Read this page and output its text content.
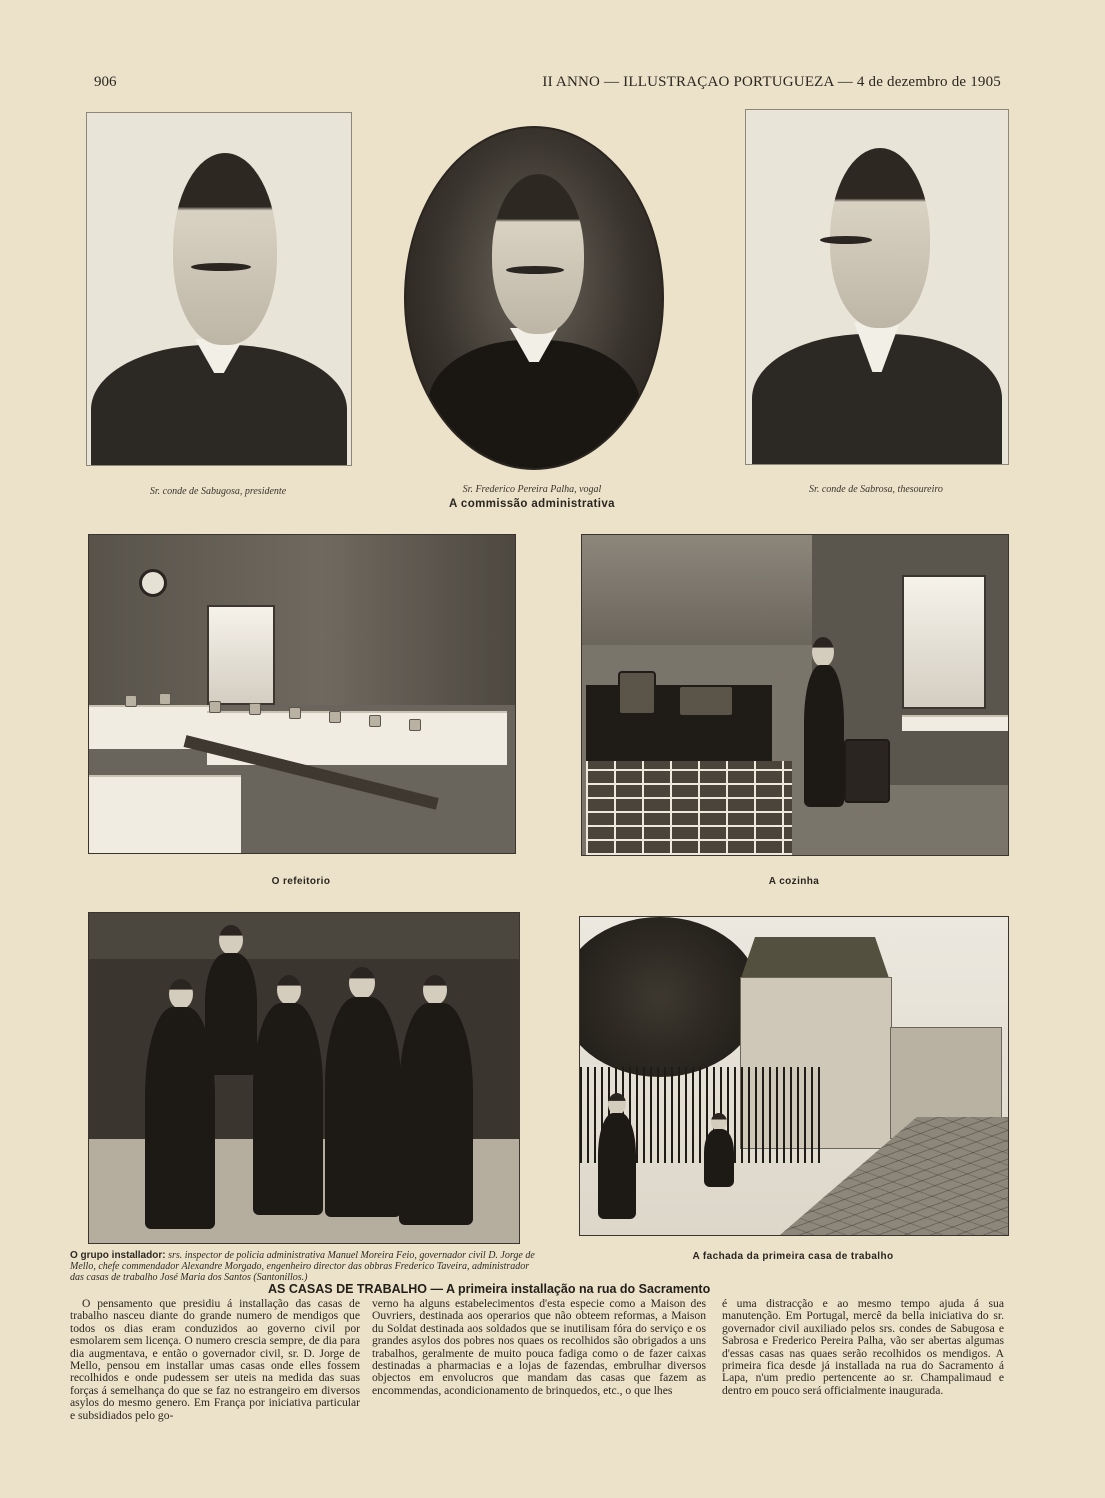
906	II ANNO — ILLUSTRAÇAO PORTUGUEZA — 4 de dezembro de 1905
Sr. conde de Sabugosa, presidente	Sr. Frederico Pereira Palha, vogal
A commissão administrativa
Sr. conde de Sabrosa, thesoureiro
O refeitorio	A cozinha
A fachada da primeira casa de trabalho
O grupo installador: srs. inspector de policia administrativa Manuel Moreira Feio, governador civil D. Jorge de Mello, chefe commendador Alexandre Morgado, engenheiro director das obbras Frederico Taveira, administrador das casas de trabalho José Maria dos Santos (Santonillos.)
AS CASAS DE TRABALHO — A primeira installação na rua do Sacramento

O pensamento que presidiu á installação das casas de trabalho nasceu diante do grande numero de mendigos que todos os dias eram conduzidos ao governo civil por esmolarem sem licença. O numero crescia sempre, de dia para dia augmentava, e então o governador civil, sr. D. Jorge de Mello, pensou em installar umas casas onde elles fossem recolhidos e onde pudessem ser uteis na medida das suas forças á semelhança do que se faz no estrangeiro em diversos asylos do mesmo genero. Em França por iniciativa particular e subsidiados pelo go-

verno ha alguns estabelecimentos d'esta especie como a Maison des Ouvriers, destinada aos operarios que não obteem reformas, a Maison du Soldat destinada aos soldados que se inutilisam fóra do serviço e os grandes asylos dos pobres nos quaes os recolhidos são obrigados a uns trabalhos, geralmente de muito pouca fadiga como o de fazer caixas destinadas a pharmacias e a lojas de fazendas, embrulhar diversos objectos em envolucros que mandam das casas que fazem as encommendas, acondicionamento de brinquedos, etc., o que lhes

é uma distracção e ao mesmo tempo ajuda á sua manutenção. Em Portugal, mercê da bella iniciativa do sr. governador civil auxiliado pelos srs. condes de Sabugosa e Sabrosa e Frederico Pereira Palha, vão ser abertas algumas d'essas casas nas quaes serão recolhidos os mendigos. A primeira fica desde já installada na rua do Sacramento á Lapa, n'um predio pertencente ao sr. Champalimaud e dentro em pouco será officialmente inaugurada.
